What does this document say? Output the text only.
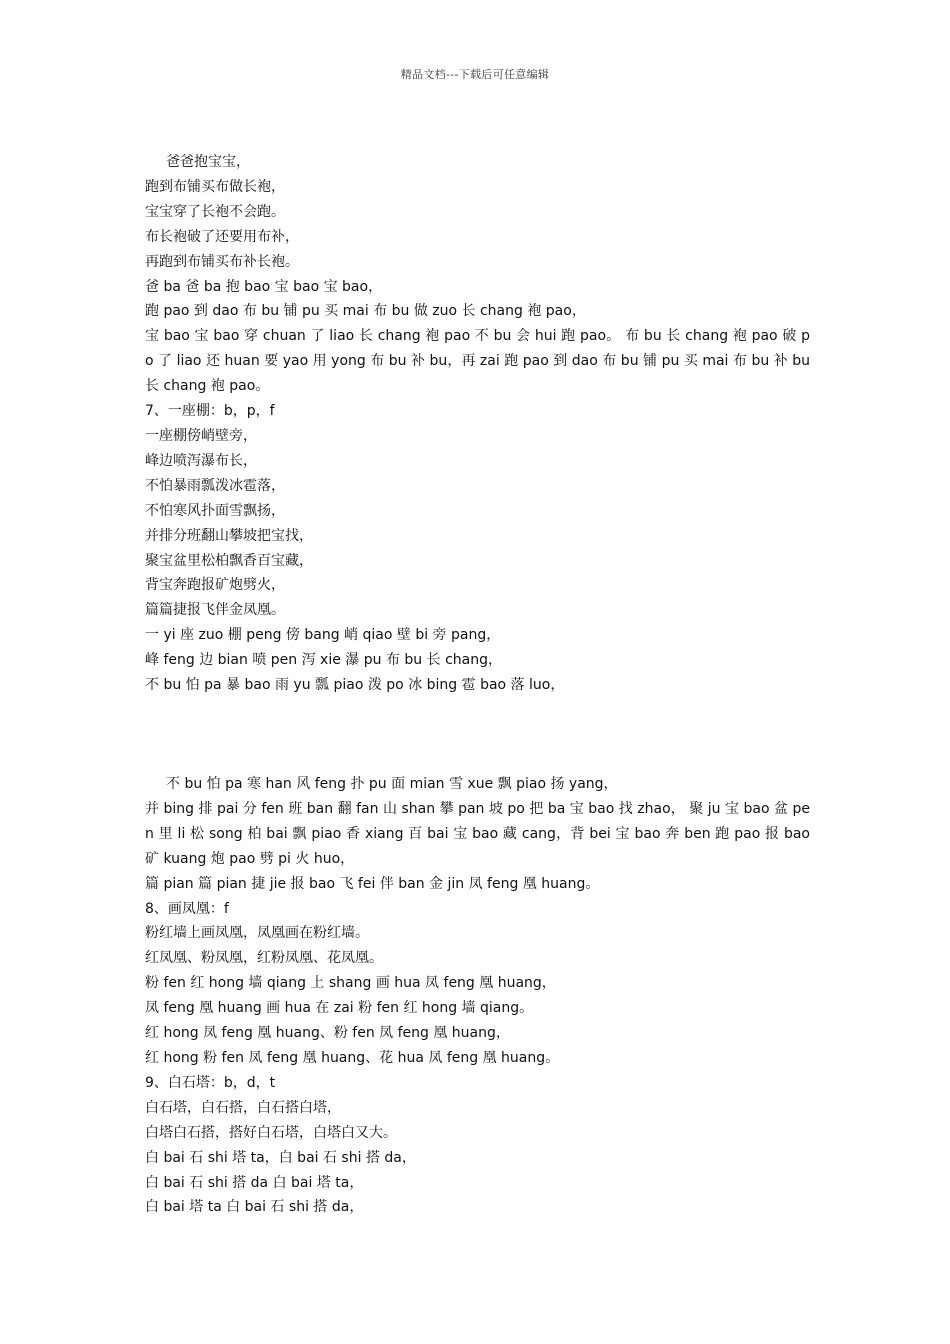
精品文档---下载后可任意编辑
爸爸抱宝宝，
跑到布铺买布做长袍，
宝宝穿了长袍不会跑。
布长袍破了还要用布补，
再跑到布铺买布补长袍。
爸 ba 爸 ba 抱 bao 宝 bao 宝 bao，
跑 pao 到 dao 布 bu 铺 pu 买 mai 布 bu 做 zuo 长 chang 袍 pao，
宝 bao 宝 bao 穿 chuan 了 liao 长 chang 袍 pao 不 bu 会 hui 跑 pao。 布 bu 长 chang 袍 pao 破 po 了 liao 还 huan 要 yao 用 yong 布 bu 补 bu，再 zai 跑 pao 到 dao 布 bu 铺 pu 买 mai 布 bu 补 bu 长 chang 袍 pao。
7、一座棚：b，p，f
一座棚傍峭壁旁，
峰边喷泻瀑布长，
不怕暴雨瓢泼冰雹落，
不怕寒风扑面雪飘扬，
并排分班翻山攀坡把宝找，
聚宝盆里松柏飘香百宝藏，
背宝奔跑报矿炮劈火，
篇篇捷报飞伴金凤凰。
一 yi 座 zuo 棚 peng 傍 bang 峭 qiao 壁 bi 旁 pang，
峰 feng 边 bian 喷 pen 泻 xie 瀑 pu 布 bu 长 chang，
不 bu 怕 pa 暴 bao 雨 yu 瓢 piao 泼 po 冰 bing 雹 bao 落 luo，
不 bu 怕 pa 寒 han 风 feng 扑 pu 面 mian 雪 xue 飘 piao 扬 yang，
并 bing 排 pai 分 fen 班 ban 翻 fan 山 shan 攀 pan 坡 po 把 ba 宝 bao 找 zhao， 聚 ju 宝 bao 盆 pen 里 li 松 song 柏 bai 飘 piao 香 xiang 百 bai 宝 bao 藏 cang，背 bei 宝 bao 奔 ben 跑 pao 报 bao 矿 kuang 炮 pao 劈 pi 火 huo，
篇 pian 篇 pian 捷 jie 报 bao 飞 fei 伴 ban 金 jin 凤 feng 凰 huang。
8、画凤凰：f
粉红墙上画凤凰，凤凰画在粉红墙。
红凤凰、粉凤凰，红粉凤凰、花凤凰。
粉 fen 红 hong 墙 qiang 上 shang 画 hua 凤 feng 凰 huang，
凤 feng 凰 huang 画 hua 在 zai 粉 fen 红 hong 墙 qiang。
红 hong 凤 feng 凰 huang、粉 fen 凤 feng 凰 huang，
红 hong 粉 fen 凤 feng 凰 huang、花 hua 凤 feng 凰 huang。
9、白石塔：b，d，t
白石塔，白石搭，白石搭白塔，
白塔白石搭，搭好白石塔，白塔白又大。
白 bai 石 shi 塔 ta，白 bai 石 shi 搭 da，
白 bai 石 shi 搭 da 白 bai 塔 ta，
白 bai 塔 ta 白 bai 石 shi 搭 da，
